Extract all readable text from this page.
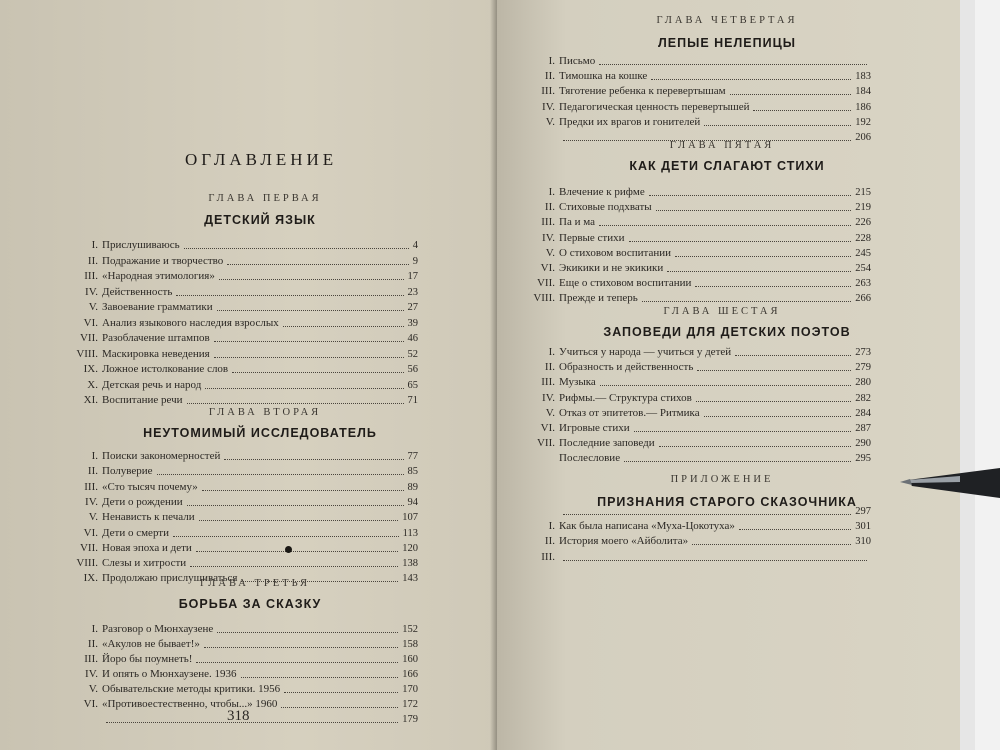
ОГЛАВЛЕНИЕ
ГЛАВА ПЕРВАЯ
ДЕТСКИЙ ЯЗЫК
I. Прислушиваюсь	4
II. Подражание и творчество	9
III. «Народная этимология»	17
IV. Действенность	23
V. Завоевание грамматики	27
VI. Анализ языкового наследия взрослых	39
VII. Разоблачение штампов	46
VIII. Маскировка неведения	52
IX. Ложное истолкование слов	56
X. Детская речь и народ	65
XI. Воспитание речи	71
ГЛАВА ВТОРАЯ
НЕУТОМИМЫЙ ИССЛЕДОВАТЕЛЬ
I. Поиски закономерностей	77
II. Полуверие	85
III. «Сто тысяч почему»	89
IV. Дети о рождении	94
V. Ненависть к печали	107
VI. Дети о смерти	113
VII. Новая эпоха и дети	120
VIII. Слезы и хитрости	138
IX. Продолжаю прислушиваться	143
ГЛАВА ТРЕТЬЯ
БОРЬБА ЗА СКАЗКУ
I. Разговор о Мюнхаузене	152
II. «Акулов не бывает!»	158
III. Йорo бы поумнеть!	160
IV. И опять о Мюнхаузене. 1936	166
V. Обывательские методы критики. 1956	170
VI. «Противоестественно, чтобы...» 1960	172
179
318
ГЛАВА ЧЕТВЕРТАЯ
ЛЕПЫЕ НЕЛЕПИЦЫ
I. Письмо
II. Тимошка на кошке	183
III. Тяготение ребенка к перевертышам	184
IV. Педагогическая ценность перевертышей	186
V. Предки их врагов и гонителей	192
206
ГЛАВА ПЯТАЯ
КАК ДЕТИ СЛАГАЮТ СТИХИ
I. Влечение к рифме	215
II. Стиховые подхваты	219
III. Па и ма	226
IV. Первые стихи	228
V. О стиховом воспитании	245
VI. Экикики и не экикики	254
VII. Еще о стиховом воспитании	263
VIII. Прежде и теперь	266
ГЛАВА ШЕСТАЯ
ЗАПОВЕДИ ДЛЯ ДЕТСКИХ ПОЭТОВ
I. Учиться у народа — учиться у детей	273
II. Образность и действенность	279
III. Музыка	280
IV. Рифмы.— Структура стихов	282
V. Отказ от эпитетов.— Ритмика	284
VI. Игровые стихи	287
VII. Последние заповеди	290
Послесловие	295
ПРИЛОЖЕНИЕ
ПРИЗНАНИЯ СТАРОГО СКАЗОЧНИКА
297
I. Как была написана «Муха-Цокотуха»	301
II. История моего «Айболита»	310
III.
